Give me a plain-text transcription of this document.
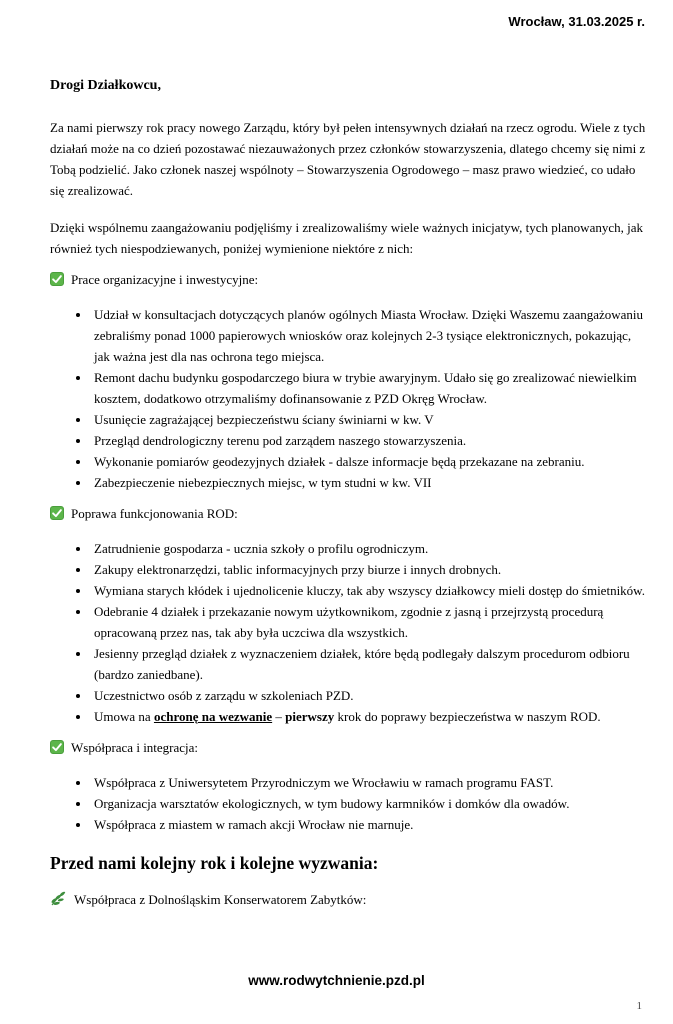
Wrocław, 31.03.2025 r.
Drogi Działkowcu,

Za nami pierwszy rok pracy nowego Zarządu, który był pełen intensywnych działań na rzecz ogrodu. Wiele z tych działań może na co dzień pozostawać niezauważonych przez członków stowarzyszenia, dlatego chcemy się nimi z Tobą podzielić. Jako członek naszej wspólnoty – Stowarzyszenia Ogrodowego – masz prawo wiedzieć, co udało się zrealizować.

Dzięki wspólnemu zaangażowaniu podjęliśmy i zrealizowaliśmy wiele ważnych inicjatyw, tych planowanych, jak również tych niespodziewanych, poniżej wymienione niektóre z nich:

Prace organizacyjne i inwestycyjne:
• Udział w konsultacjach dotyczących planów ogólnych Miasta Wrocław. Dzięki Waszemu zaangażowaniu zebraliśmy ponad 1000 papierowych wniosków oraz kolejnych 2-3 tysiące elektronicznych, pokazując, jak ważna jest dla nas ochrona tego miejsca.
• Remont dachu budynku gospodarczego biura w trybie awaryjnym. Udało się go zrealizować niewielkim kosztem, dodatkowo otrzymaliśmy dofinansowanie z PZD Okręg Wrocław.
• Usunięcie zagrażającej bezpieczeństwu ściany świniarni w kw. V
• Przegląd dendrologiczny terenu pod zarządem naszego stowarzyszenia.
• Wykonanie pomiarów geodezyjnych działek - dalsze informacje będą przekazane na zebraniu.
• Zabezpieczenie niebezpiecznych miejsc, w tym studni w kw. VII
Poprawa funkcjonowania ROD:
• Zatrudnienie gospodarza - ucznia szkoły o profilu ogrodniczym.
• Zakupy elektronarzędzi, tablic informacyjnych przy biurze i innych drobnych.
• Wymiana starych kłódek i ujednolicenie kluczy, tak aby wszyscy działkowcy mieli dostęp do śmietników.
• Odebranie 4 działek i przekazanie nowym użytkownikom, zgodnie z jasną i przejrzystą procedurą opracowaną przez nas, tak aby była uczciwa dla wszystkich.
• Jesienny przegląd działek z wyznaczeniem działek, które będą podlegały dalszym procedurom odbioru (bardzo zaniedbane).
• Uczestnictwo osób z zarządu w szkoleniach PZD.
• Umowa na ochronę na wezwanie – pierwszy krok do poprawy bezpieczeństwa w naszym ROD.
Współpraca i integracja:
• Współpraca z Uniwersytetem Przyrodniczym we Wrocławiu w ramach programu FAST.
• Organizacja warsztatów ekologicznych, w tym budowy karmników i domków dla owadów.
• Współpraca z miastem w ramach akcji Wrocław nie marnuje.
Przed nami kolejny rok i kolejne wyzwania:
Współpraca z Dolnośląskim Konserwatorem Zabytków:
www.rodwytchnienie.pzd.pl
1
